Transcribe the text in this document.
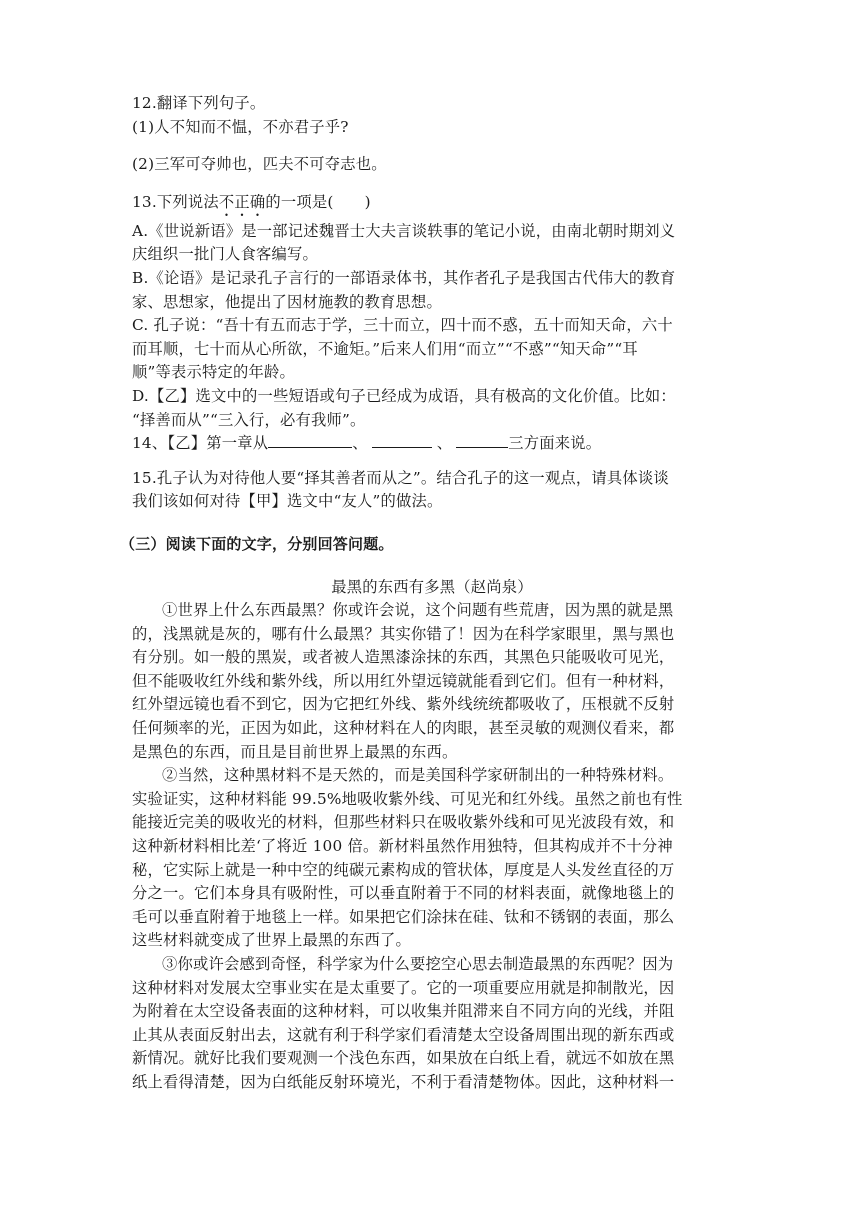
12.翻译下列句子。
(1)人不知而不愠，不亦君子乎?
(2)三军可夺帅也，匹夫不可夺志也。
13.下列说法不正确的一项是(　　)
A.《世说新语》是一部记述魏晋士大夫言谈轶事的笔记小说，由南北朝时期刘义
庆组织一批门人食客编写。
B.《论语》是记录孔子言行的一部语录体书，其作者孔子是我国古代伟大的教育
家、思想家，他提出了因材施教的教育思想。
C. 孔子说：“吾十有五而志于学，三十而立，四十而不惑，五十而知天命，六十
而耳顺，七十而从心所欲，不逾矩。”后来人们用“而立”“不惑”“知天命”“耳
顺”等表示特定的年龄。
D.【乙】选文中的一些短语或句子已经成为成语，具有极高的文化价值。比如：
“择善而从”“三入行，必有我师”。
14、【乙】第一章从	、	、	三方面来说。
15.孔子认为对待他人要“择其善者而从之”。结合孔子的这一观点，请具体谈谈
我们该如何对待【甲】选文中“友人”的做法。
（三）阅读下面的文字，分别回答问题。
最黑的东西有多黑（赵尚泉）
①世界上什么东西最黑？你或许会说，这个问题有些荒唐，因为黑的就是黑
的，浅黑就是灰的，哪有什么最黑？其实你错了！因为在科学家眼里，黑与黑也
有分别。如一般的黑炭，或者被人造黑漆涂抹的东西，其黑色只能吸收可见光，
但不能吸收红外线和紫外线，所以用红外望远镜就能看到它们。但有一种材料，
红外望远镜也看不到它，因为它把红外线、紫外线统统都吸收了，压根就不反射
任何频率的光，正因为如此，这种材料在人的肉眼，甚至灵敏的观测仪看来，都
是黑色的东西，而且是目前世界上最黑的东西。
②当然，这种黑材料不是天然的，而是美国科学家研制出的一种特殊材料。
实验证实，这种材料能 99.5%地吸收紫外线、可见光和红外线。虽然之前也有性
能接近完美的吸收光的材料，但那些材料只在吸收紫外线和可见光波段有效，和
这种新材料相比差‘了将近 100 倍。新材料虽然作用独特，但其构成并不十分神
秘，它实际上就是一种中空的纯碳元素构成的管状体，厚度是人头发丝直径的万
分之一。它们本身具有吸附性，可以垂直附着于不同的材料表面，就像地毯上的
毛可以垂直附着于地毯上一样。如果把它们涂抹在硅、钛和不锈钢的表面，那么
这些材料就变成了世界上最黑的东西了。
③你或许会感到奇怪，科学家为什么要挖空心思去制造最黑的东西呢？因为
这种材料对发展太空事业实在是太重要了。它的一项重要应用就是抑制散光，因
为附着在太空设备表面的这种材料，可以收集并阻滞来自不同方向的光线，并阻
止其从表面反射出去，这就有利于科学家们看清楚太空设备周围出现的新东西或
新情况。就好比我们要观测一个浅色东西，如果放在白纸上看，就远不如放在黑
纸上看得清楚，因为白纸能反射环境光，不利于看清楚物体。因此，这种材料一
